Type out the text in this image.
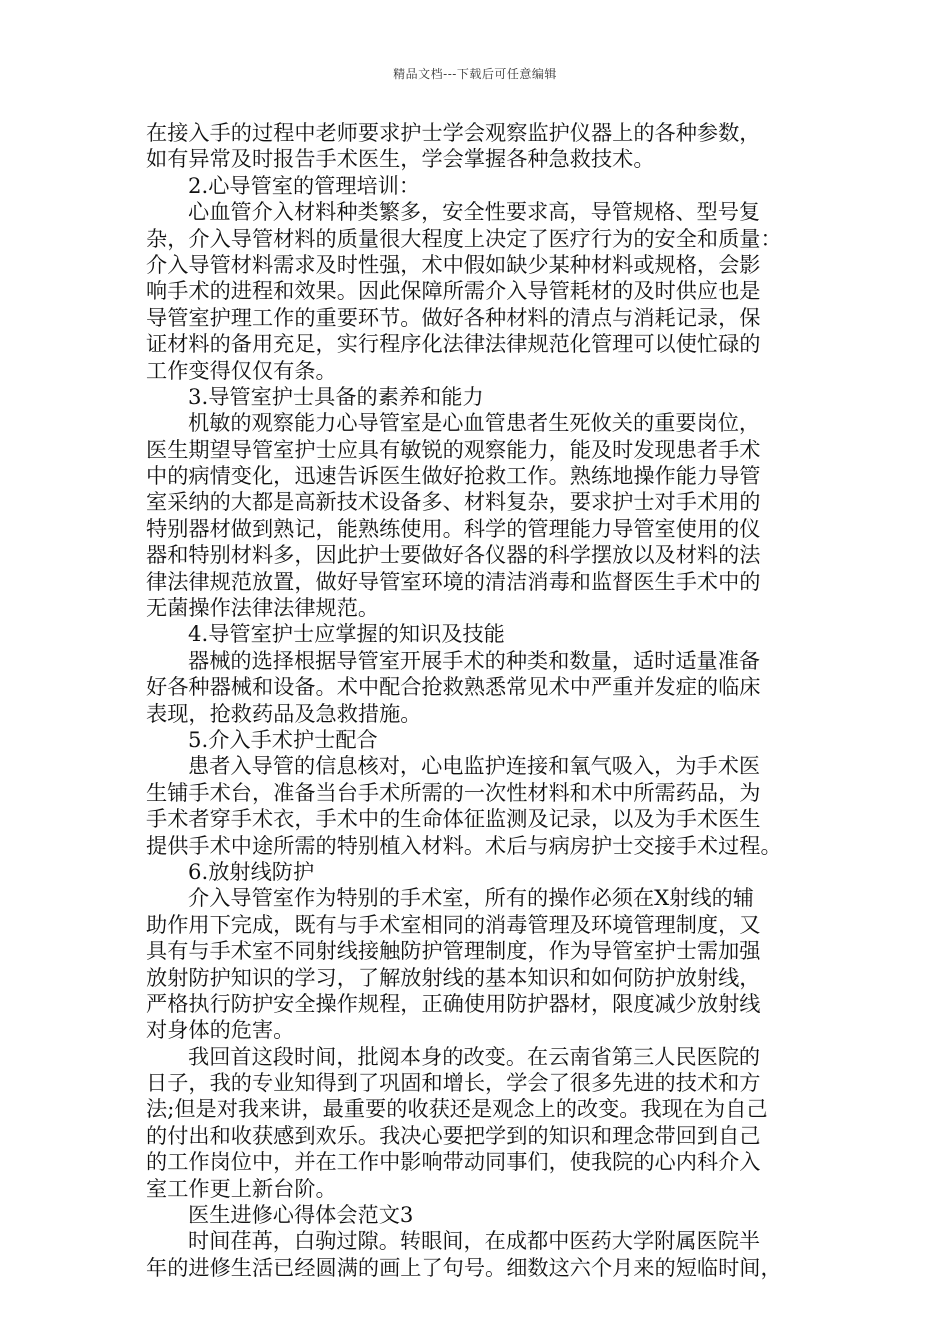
精品文档---下载后可任意编辑
在接入手的过程中老师要求护士学会观察监护仪器上的各种参数，
如有异常及时报告手术医生，学会掌握各种急救技术。
2.心导管室的管理培训：
心血管介入材料种类繁多，安全性要求高，导管规格、型号复
杂，介入导管材料的质量很大程度上决定了医疗行为的安全和质量：
介入导管材料需求及时性强，术中假如缺少某种材料或规格，会影
响手术的进程和效果。因此保障所需介入导管耗材的及时供应也是
导管室护理工作的重要环节。做好各种材料的清点与消耗记录，保
证材料的备用充足，实行程序化法律法律规范化管理可以使忙碌的
工作变得仅仅有条。
3.导管室护士具备的素养和能力
机敏的观察能力心导管室是心血管患者生死攸关的重要岗位，
医生期望导管室护士应具有敏锐的观察能力，能及时发现患者手术
中的病情变化，迅速告诉医生做好抢救工作。熟练地操作能力导管
室采纳的大都是高新技术设备多、材料复杂，要求护士对手术用的
特别器材做到熟记，能熟练使用。科学的管理能力导管室使用的仪
器和特别材料多，因此护士要做好各仪器的科学摆放以及材料的法
律法律规范放置，做好导管室环境的清洁消毒和监督医生手术中的
无菌操作法律法律规范。
4.导管室护士应掌握的知识及技能
器械的选择根据导管室开展手术的种类和数量，适时适量准备
好各种器械和设备。术中配合抢救熟悉常见术中严重并发症的临床
表现，抢救药品及急救措施。
5.介入手术护士配合
患者入导管的信息核对，心电监护连接和氧气吸入，为手术医
生铺手术台，准备当台手术所需的一次性材料和术中所需药品，为
手术者穿手术衣，手术中的生命体征监测及记录，以及为手术医生
提供手术中途所需的特别植入材料。术后与病房护士交接手术过程。
6.放射线防护
介入导管室作为特别的手术室，所有的操作必须在X射线的辅
助作用下完成，既有与手术室相同的消毒管理及环境管理制度，又
具有与手术室不同射线接触防护管理制度，作为导管室护士需加强
放射防护知识的学习，了解放射线的基本知识和如何防护放射线，
严格执行防护安全操作规程，正确使用防护器材，限度减少放射线
对身体的危害。
我回首这段时间，批阅本身的改变。在云南省第三人民医院的
日子，我的专业知得到了巩固和增长，学会了很多先进的技术和方
法;但是对我来讲，最重要的收获还是观念上的改变。我现在为自己
的付出和收获感到欢乐。我决心要把学到的知识和理念带回到自己
的工作岗位中，并在工作中影响带动同事们，使我院的心内科介入
室工作更上新台阶。
医生进修心得体会范文3
时间荏苒，白驹过隙。转眼间，在成都中医药大学附属医院半
年的进修生活已经圆满的画上了句号。细数这六个月来的短临时间，
